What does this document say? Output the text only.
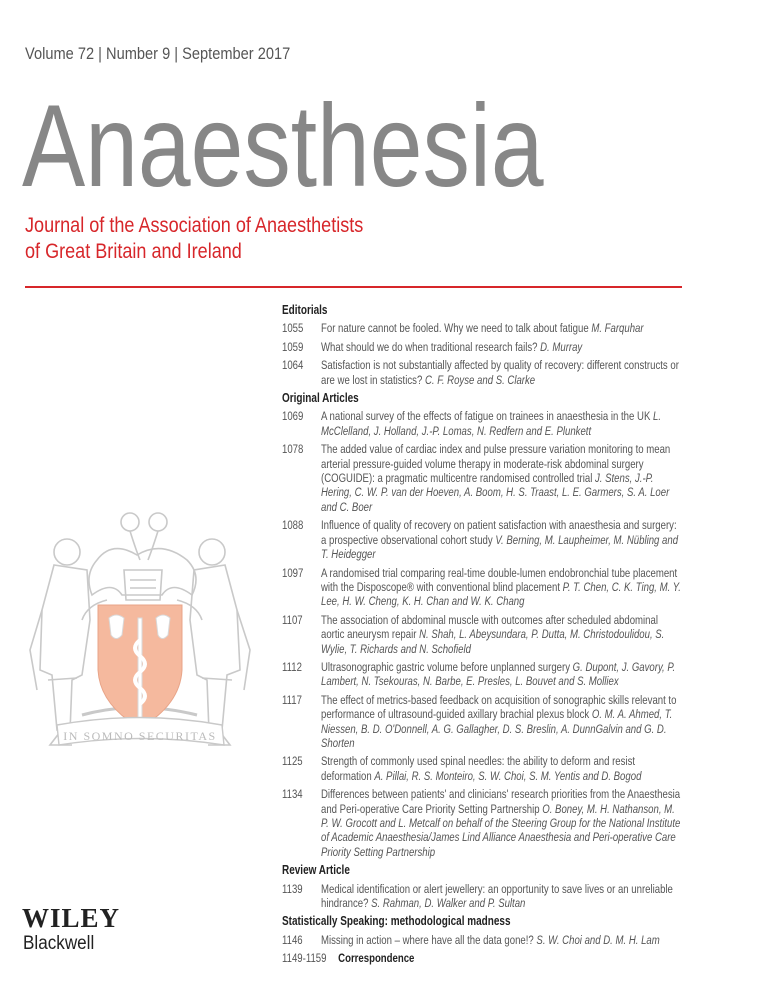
Volume 72 | Number 9 | September 2017
Anaesthesia
Journal of the Association of Anaesthetists
of Great Britain and Ireland
Editorials
1055	For nature cannot be fooled. Why we need to talk about fatigue M. Farquhar
1059	What should we do when traditional research fails? D. Murray
1064	Satisfaction is not substantially affected by quality of recovery: different constructs or are we lost in statistics? C. F. Royse and S. Clarke
Original Articles
1069	A national survey of the effects of fatigue on trainees in anaesthesia in the UK L. McClelland, J. Holland, J.-P. Lomas, N. Redfern and E. Plunkett
1078	The added value of cardiac index and pulse pressure variation monitoring to mean arterial pressure-guided volume therapy in moderate-risk abdominal surgery (COGUIDE): a pragmatic multicentre randomised controlled trial J. Stens, J.-P. Hering, C. W. P. van der Hoeven, A. Boom, H. S. Traast, L. E. Garmers, S. A. Loer and C. Boer
1088	Influence of quality of recovery on patient satisfaction with anaesthesia and surgery: a prospective observational cohort study V. Berning, M. Laupheimer, M. Nübling and T. Heidegger
1097	A randomised trial comparing real-time double-lumen endobronchial tube placement with the Disposcope® with conventional blind placement P. T. Chen, C. K. Ting, M. Y. Lee, H. W. Cheng, K. H. Chan and W. K. Chang
1107	The association of abdominal muscle with outcomes after scheduled abdominal aortic aneurysm repair N. Shah, L. Abeysundara, P. Dutta, M. Christodoulidou, S. Wylie, T. Richards and N. Schofield
1112	Ultrasonographic gastric volume before unplanned surgery G. Dupont, J. Gavory, P. Lambert, N. Tsekouras, N. Barbe, E. Presles, L. Bouvet and S. Molliex
1117	The effect of metrics-based feedback on acquisition of sonographic skills relevant to performance of ultrasound-guided axillary brachial plexus block O. M. A. Ahmed, T. Niessen, B. D. O'Donnell, A. G. Gallagher, D. S. Breslin, A. DunnGalvin and G. D. Shorten
1125	Strength of commonly used spinal needles: the ability to deform and resist deformation A. Pillai, R. S. Monteiro, S. W. Choi, S. M. Yentis and D. Bogod
1134	Differences between patients' and clinicians' research priorities from the Anaesthesia and Peri-operative Care Priority Setting Partnership O. Boney, M. H. Nathanson, M. P. W. Grocott and L. Metcalf on behalf of the Steering Group for the National Institute of Academic Anaesthesia/James Lind Alliance Anaesthesia and Peri-operative Care Priority Setting Partnership
Review Article
1139	Medical identification or alert jewellery: an opportunity to save lives or an unreliable hindrance? S. Rahman, D. Walker and P. Sultan
Statistically Speaking: methodological madness
1146	Missing in action – where have all the data gone!? S. W. Choi and D. M. H. Lam
1149-1159 Correspondence
IN SOMNO SECURITAS
WILEY
Blackwell
